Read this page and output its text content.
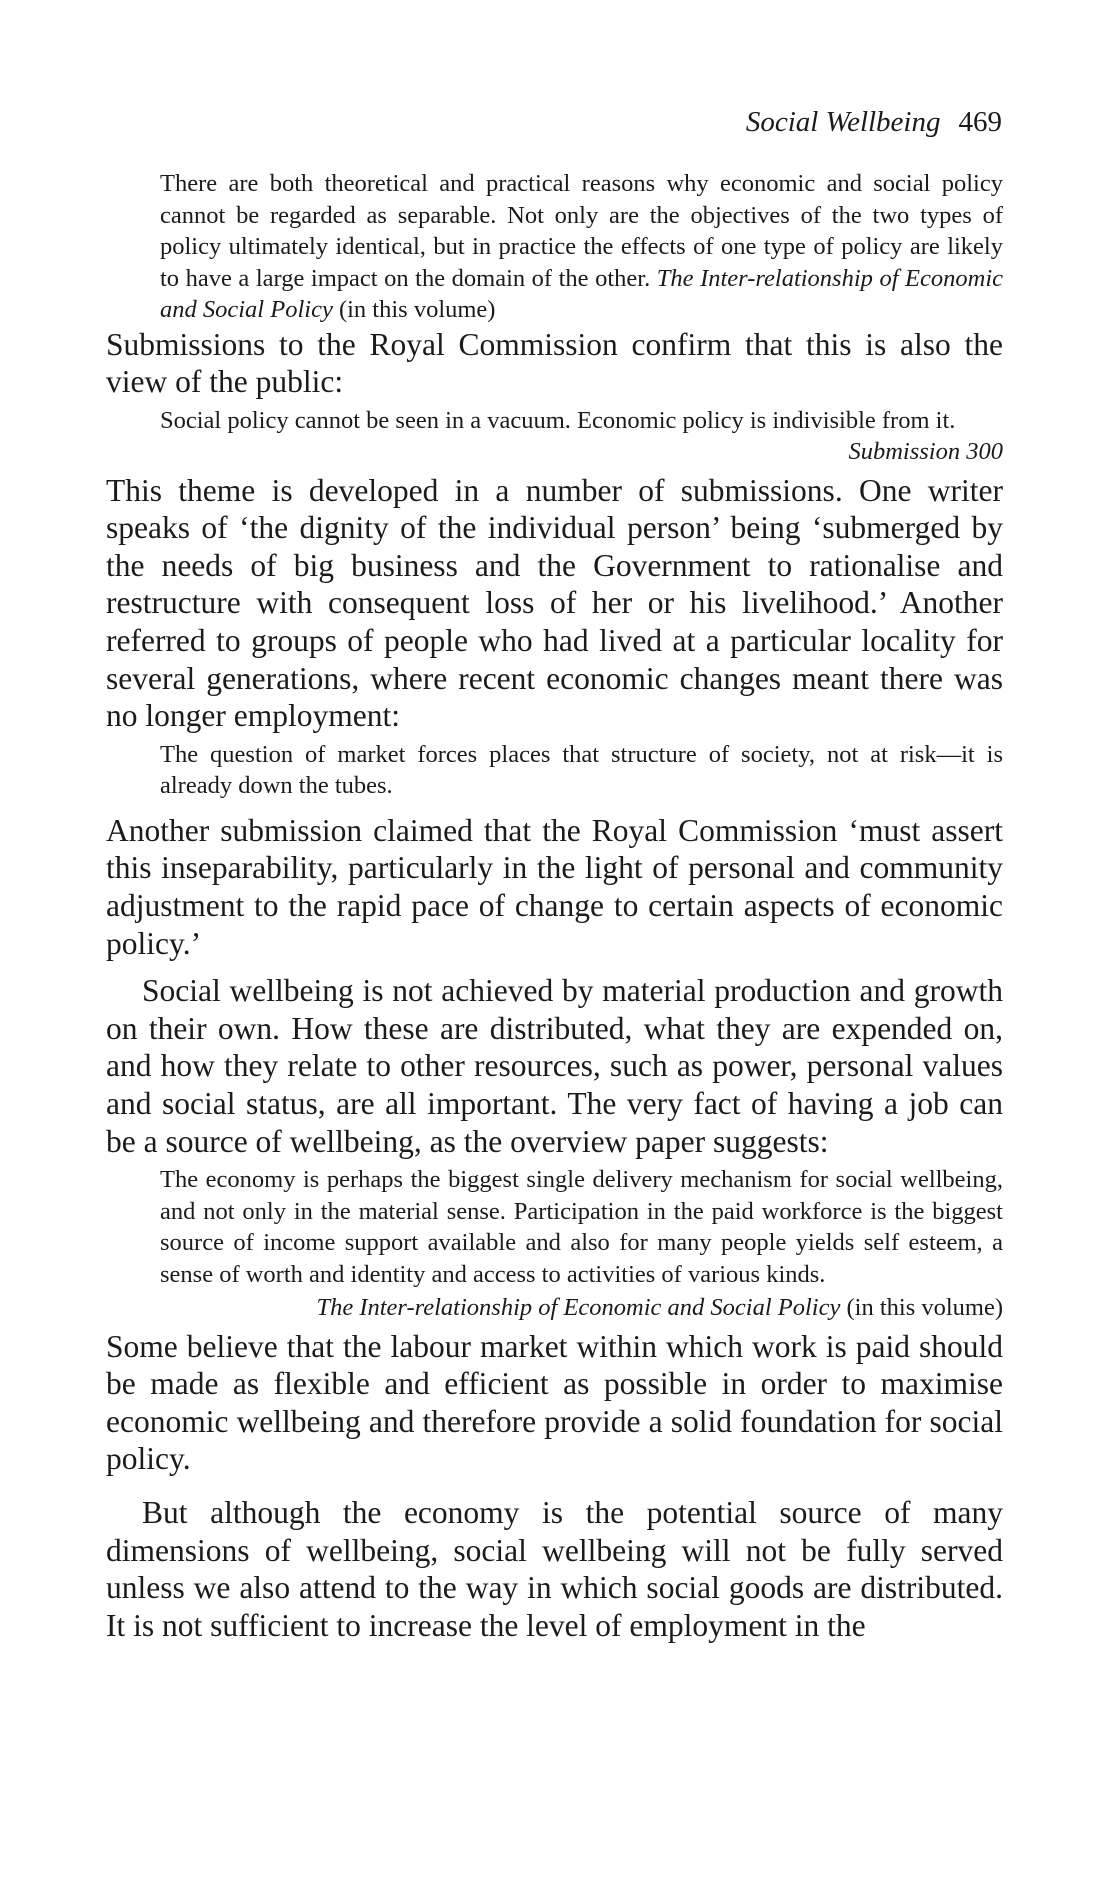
Social Wellbeing 469

There are both theoretical and practical reasons why economic and social policy cannot be regarded as separable. Not only are the objectives of the two types of policy ultimately identical, but in practice the effects of one type of policy are likely to have a large impact on the domain of the other. The Inter-relationship of Economic and Social Policy (in this volume)

Submissions to the Royal Commission confirm that this is also the view of the public:

Social policy cannot be seen in a vacuum. Economic policy is indivisible from it.
Submission 300

This theme is developed in a number of submissions. One writer speaks of ‘the dignity of the individual person’ being ‘submerged by the needs of big business and the Government to rationalise and restructure with consequent loss of her or his livelihood.’ Another referred to groups of people who had lived at a particular locality for several generations, where recent economic changes meant there was no longer employment:

The question of market forces places that structure of society, not at risk—it is already down the tubes.

Another submission claimed that the Royal Commission ‘must assert this inseparability, particularly in the light of personal and community adjustment to the rapid pace of change to certain aspects of economic policy.’

Social wellbeing is not achieved by material production and growth on their own. How these are distributed, what they are expended on, and how they relate to other resources, such as power, personal values and social status, are all important. The very fact of having a job can be a source of wellbeing, as the overview paper suggests:

The economy is perhaps the biggest single delivery mechanism for social wellbeing, and not only in the material sense. Participation in the paid workforce is the biggest source of income support available and also for many people yields self esteem, a sense of worth and identity and access to activities of various kinds.

The Inter-relationship of Economic and Social Policy (in this volume)

Some believe that the labour market within which work is paid should be made as flexible and efficient as possible in order to maximise economic wellbeing and therefore provide a solid foundation for social policy.

But although the economy is the potential source of many dimensions of wellbeing, social wellbeing will not be fully served unless we also attend to the way in which social goods are distributed. It is not sufficient to increase the level of employment in the
